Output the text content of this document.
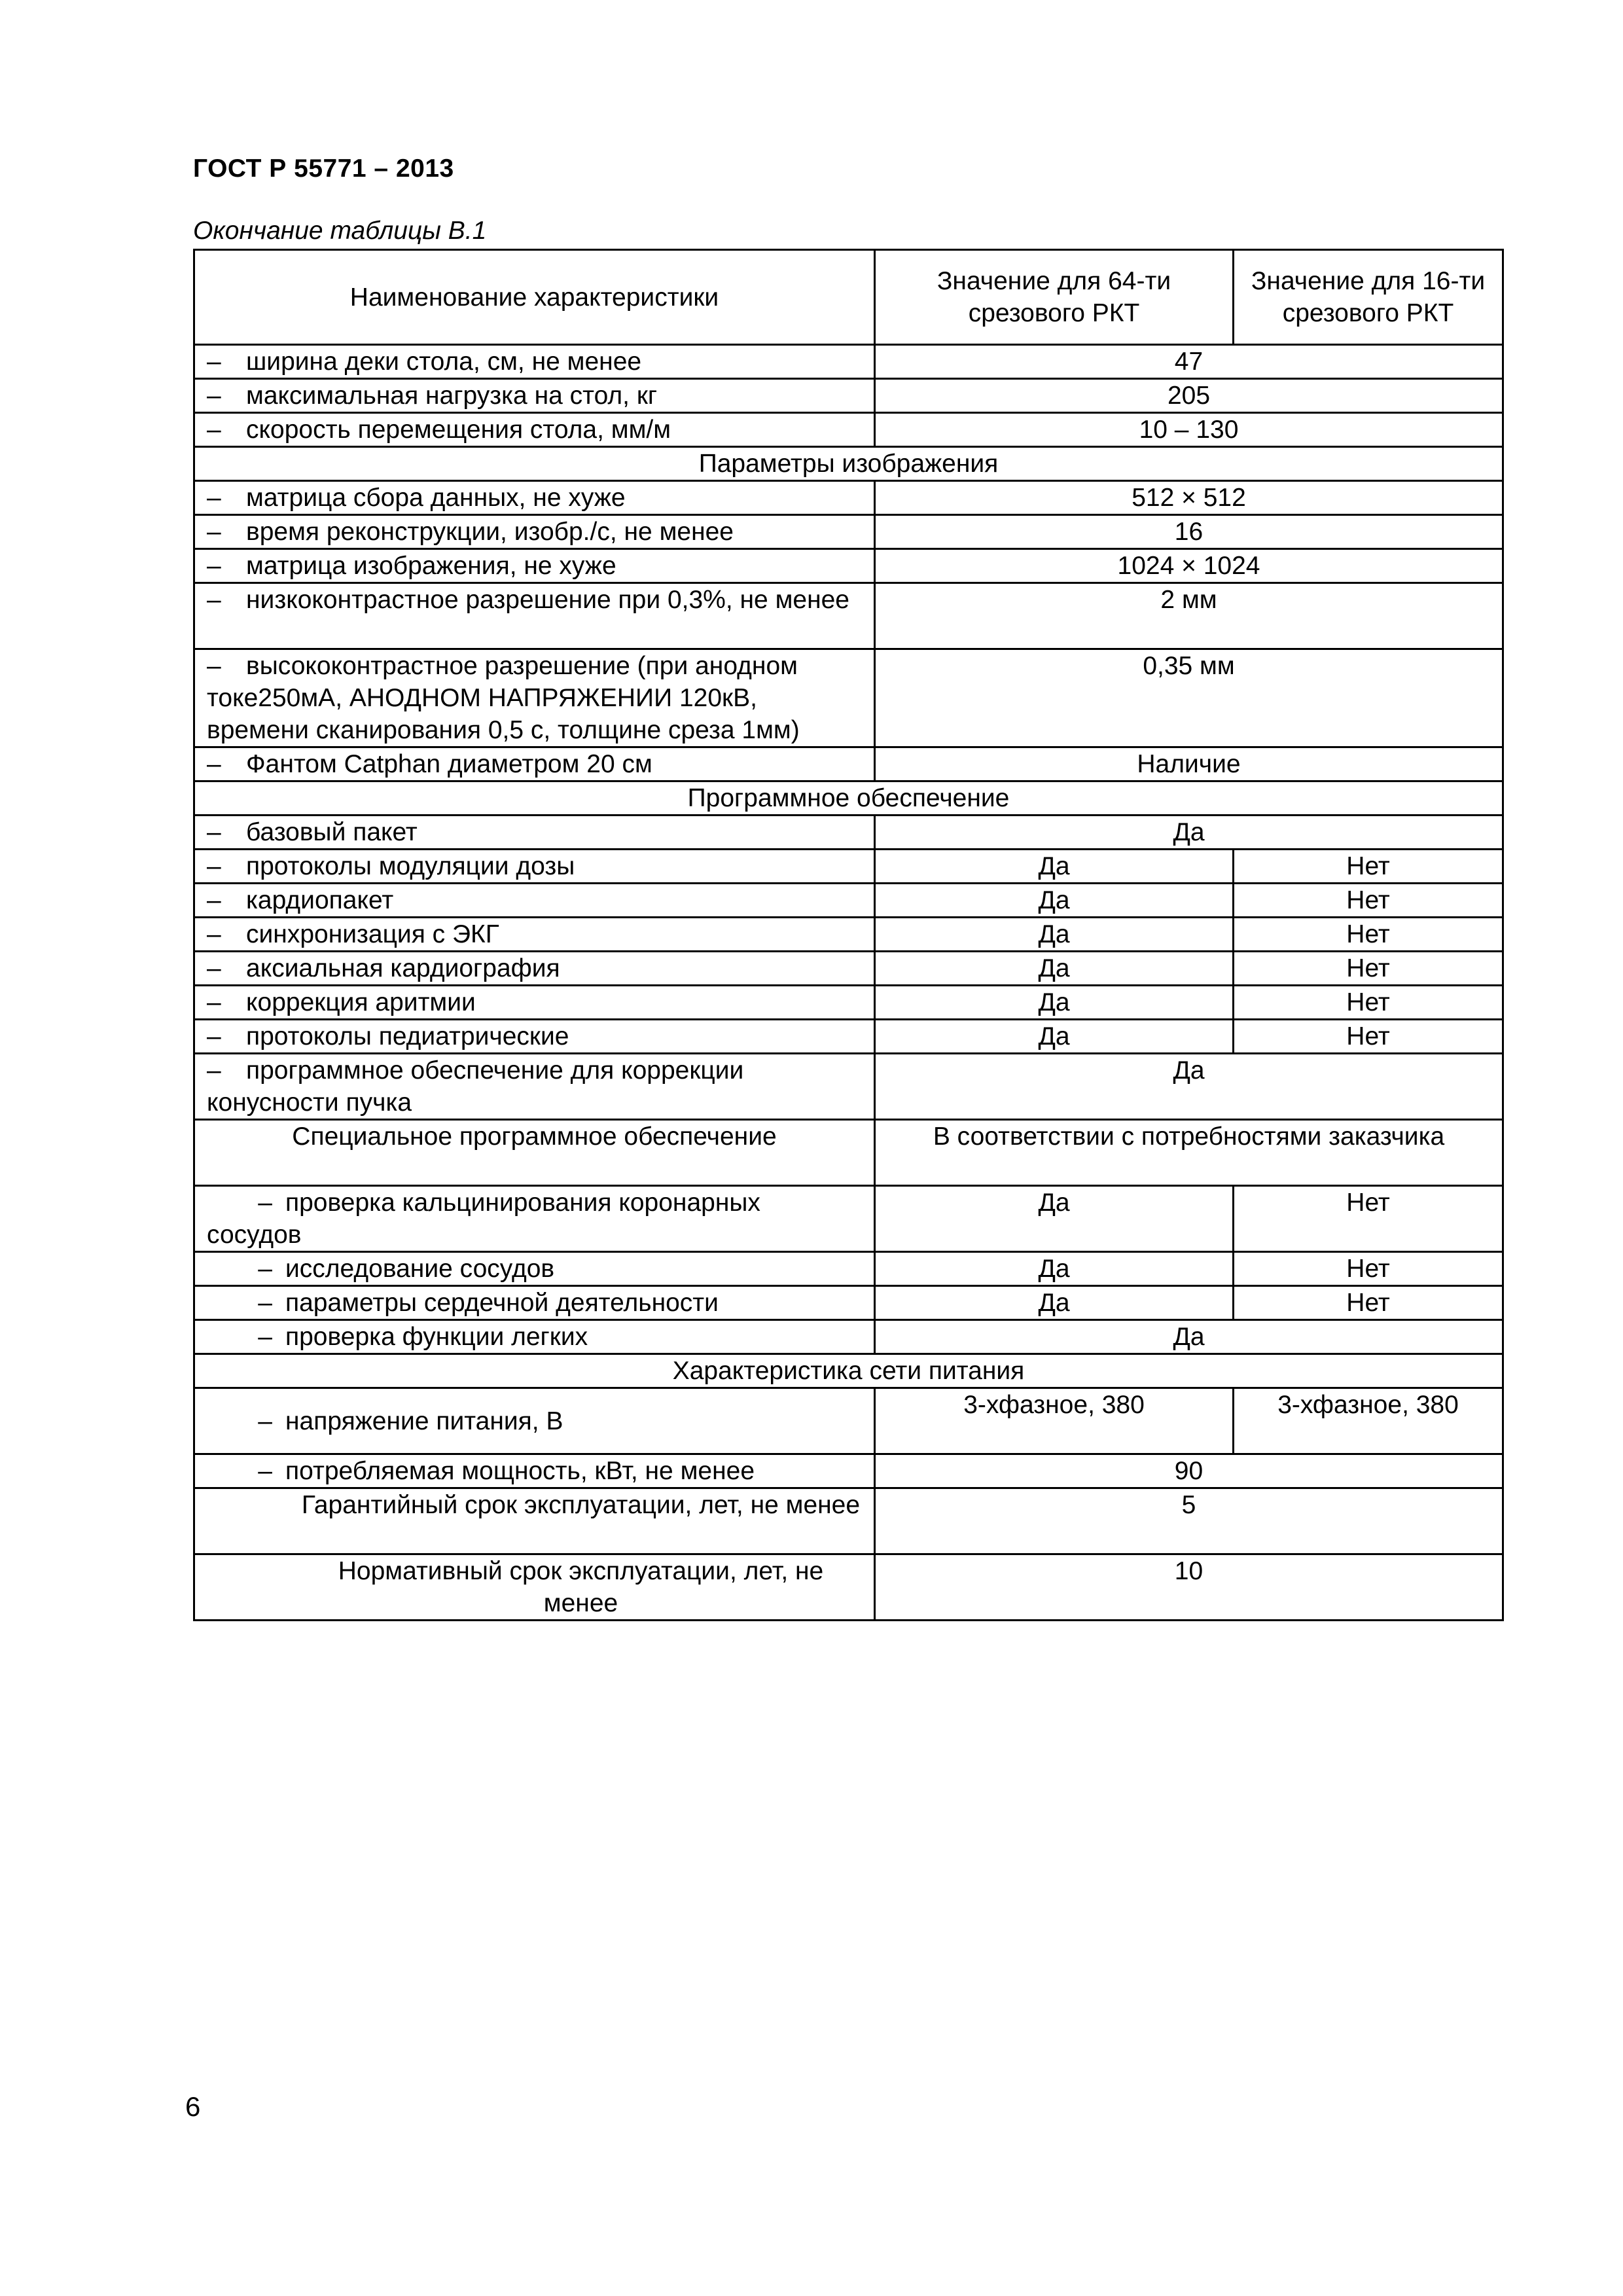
ГОСТ Р 55771 – 2013
Окончание таблицы В.1
Наименование характеристики	Значение для 64-ти срезового РКТ	Значение для 16-ти срезового РКТ
– ширина деки стола, см, не менее	47	
– максимальная нагрузка на стол, кг	205	
– скорость перемещения стола, мм/м	10 – 130	
Параметры изображения		
– матрица сбора данных, не хуже	512 × 512	
– время реконструкции, изобр./с, не менее	16	
– матрица изображения, не хуже	1024 × 1024	
– низкоконтрастное разрешение при 0,3%, не менее	2 мм	
– высококонтрастное разрешение (при анодном токе250мА, АНОДНОМ НАПРЯЖЕНИИ 120кВ, времени сканирования 0,5 с, толщине среза 1мм)	0,35 мм	
– Фантом Catphan диаметром 20 см	Наличие	
Программное обеспечение		
– базовый пакет	Да	
– протоколы модуляции дозы	Да	Нет
– кардиопакет	Да	Нет
– синхронизация с ЭКГ	Да	Нет
– аксиальная кардиография	Да	Нет
– коррекция аритмии	Да	Нет
– протоколы педиатрические	Да	Нет
– программное обеспечение для коррекции конусности пучка	Да	
Специальное программное обеспечение	В соответствии с потребностями заказчика	
– проверка кальцинирования коронарных сосудов	Да	Нет
– исследование сосудов	Да	Нет
– параметры сердечной деятельности	Да	Нет
– проверка функции легких	Да	
Характеристика сети питания		
– напряжение питания, В	3-хфазное, 380	3-хфазное, 380
– потребляемая мощность, кВт, не менее	90	
Гарантийный срок эксплуатации, лет, не менее	5	
Нормативный срок эксплуатации, лет, не менее	10	
6
